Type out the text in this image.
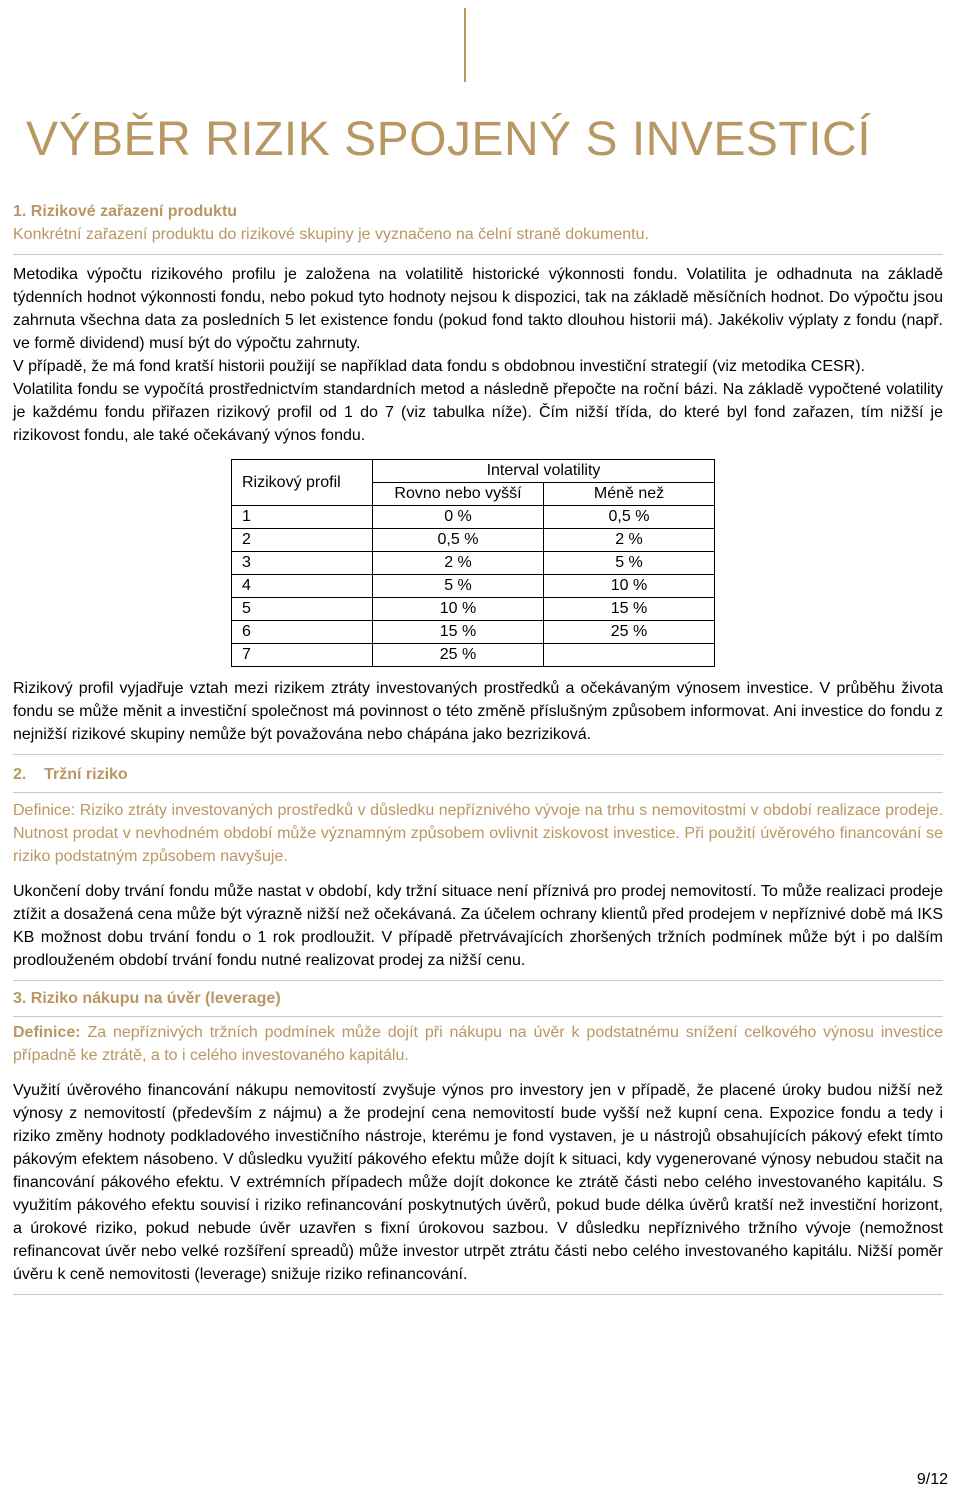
VÝBĚR RIZIK SPOJENÝ S INVESTICÍ
1. Rizikové zařazení produktu

Konkrétní zařazení produktu do rizikové skupiny je vyznačeno na čelní straně dokumentu.

Metodika výpočtu rizikového profilu je založena na volatilitě historické výkonnosti fondu. Volatilita je odhadnuta na základě týdenních hodnot výkonnosti fondu, nebo pokud tyto hodnoty nejsou k dispozici, tak na základě měsíčních hodnot. Do výpočtu jsou zahrnuta všechna data za posledních 5 let existence fondu (pokud fond takto dlouhou historii má). Jakékoliv výplaty z fondu (např. ve formě dividend) musí být do výpočtu zahrnuty.

V případě, že má fond kratší historii použijí se například data fondu s obdobnou investiční strategií (viz metodika CESR).

Volatilita fondu se vypočítá prostřednictvím standardních metod a následně přepočte na roční bázi. Na základě vypočtené volatility je každému fondu přiřazen rizikový profil od 1 do 7 (viz tabulka níže). Čím nižší třída, do které byl fond zařazen, tím nižší je rizikovost fondu, ale také očekávaný výnos fondu.

Rizikový profil	Interval volatility	
	Rovno nebo vyšší	Méně než
1	0 %	0,5 %
2	0,5 %	2 %
3	2 %	5 %
4	5 %	10 %
5	10 %	15 %
6	15 %	25 %
7	25 %	

Rizikový profil vyjadřuje vztah mezi rizikem ztráty investovaných prostředků a očekávaným výnosem investice. V průběhu života fondu se může měnit a investiční společnost má povinnost o této změně příslušným způsobem informovat. Ani investice do fondu z nejnižší rizikové skupiny nemůže být považována nebo chápána jako bezriziková.

2. Tržní riziko

Definice: Riziko ztráty investovaných prostředků v důsledku nepříznivého vývoje na trhu s nemovitostmi v období realizace prodeje. Nutnost prodat v nevhodném období může významným způsobem ovlivnit ziskovost investice. Při použití úvěrového financování se riziko podstatným způsobem navyšuje.

Ukončení doby trvání fondu může nastat v období, kdy tržní situace není příznivá pro prodej nemovitostí. To může realizaci prodeje ztížit a dosažená cena může být výrazně nižší než očekávaná. Za účelem ochrany klientů před prodejem v nepříznivé době má IKS KB možnost dobu trvání fondu o 1 rok prodloužit. V případě přetrvávajících zhoršených tržních podmínek může být i po dalším prodlouženém období trvání fondu nutné realizovat prodej za nižší cenu.

3. Riziko nákupu na úvěr (leverage)

Definice: Za nepříznivých tržních podmínek může dojít při nákupu na úvěr k podstatnému snížení celkového výnosu investice případně ke ztrátě, a to i celého investovaného kapitálu.

Využití úvěrového financování nákupu nemovitostí zvyšuje výnos pro investory jen v případě, že placené úroky budou nižší než výnosy z nemovitostí (především z nájmu) a že prodejní cena nemovitostí bude vyšší než kupní cena. Expozice fondu a tedy i riziko změny hodnoty podkladového investičního nástroje, kterému je fond vystaven, je u nástrojů obsahujících pákový efekt tímto pákovým efektem násobeno. V důsledku využití pákového efektu může dojít k situaci, kdy vygenerované výnosy nebudou stačit na financování pákového efektu. V extrémních případech může dojít dokonce ke ztrátě části nebo celého investovaného kapitálu. S využitím pákového efektu souvisí i riziko refinancování poskytnutých úvěrů, pokud bude délka úvěrů kratší než investiční horizont, a úrokové riziko, pokud nebude úvěr uzavřen s fixní úrokovou sazbou. V důsledku nepříznivého tržního vývoje (nemožnost refinancovat úvěr nebo velké rozšíření spreadů) může investor utrpět ztrátu části nebo celého investovaného kapitálu. Nižší poměr úvěru k ceně nemovitosti (leverage) snižuje riziko refinancování.

9/12
